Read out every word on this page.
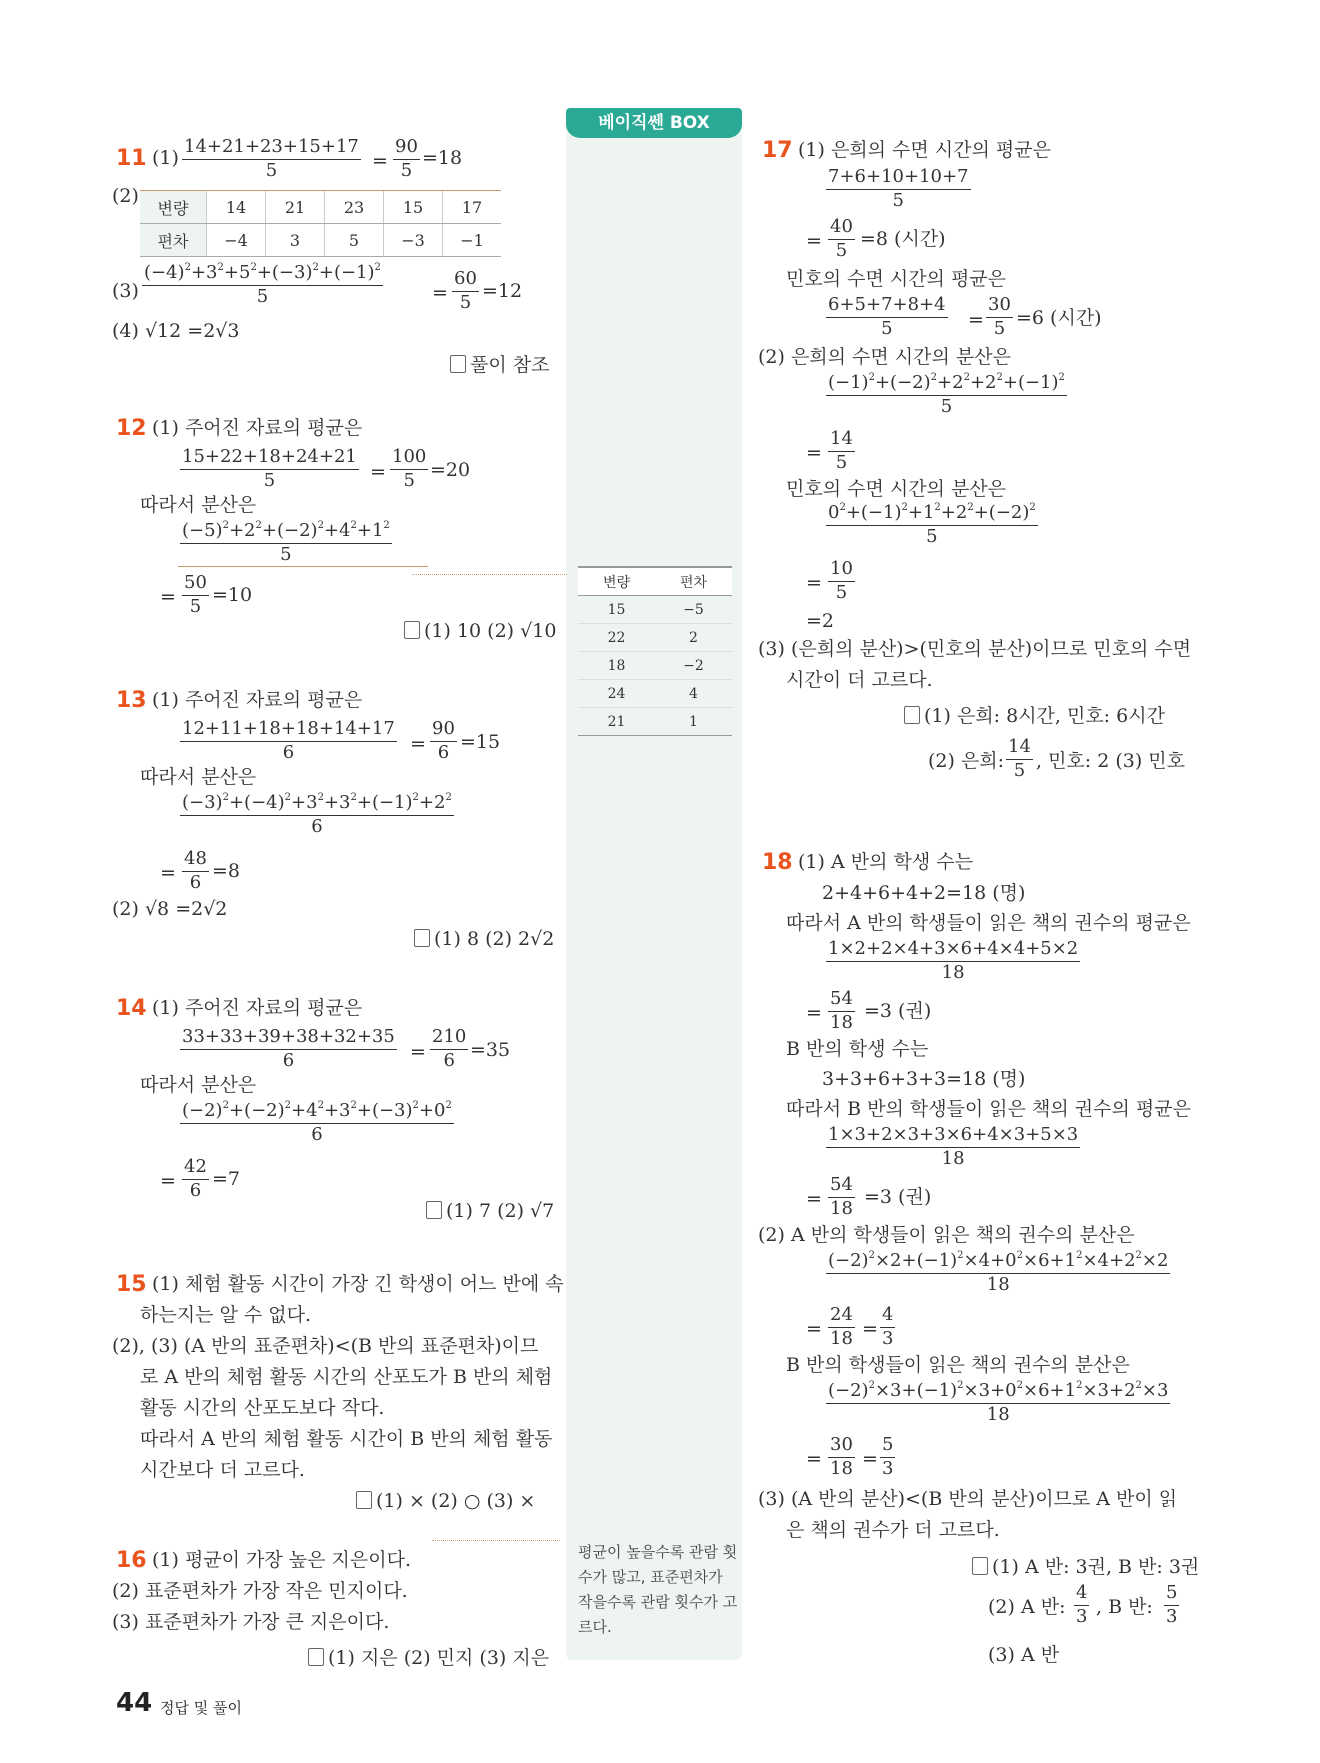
베이직쎈 BOX
변량	편차
15	−5
22	2
18	−2
24	4
21	1
평균이 높을수록 관람 횟수가 많고, 표준편차가 작을수록 관람 횟수가 고르다.
11 (1)
14+21+23+15+17
5	=
90
5
=18
(2)
변량	14	21	23	15	17
편차	−4	3	5	−3	−1
(3)
$(-4)^2+3^2+5^2+(-3)^2+(-1)^2$
5	=
60
5
=12
(4) √12 =2√3
풀이 참조
12 (1) 주어진 자료의 평균은
15+22+18+24+21
5	=
100
5 =20
따라서 분산은
$(-5)^2+2^2+(-2)^2+4^2+1^2$
5
=
50
5
=10
(1) 10 (2) √10
13 (1) 주어진 자료의 평균은
12+11+18+18+14+17
6	=
90
6 =15
따라서 분산은
$(-3)^2+(-4)^2+3^2+3^2+(-1)^2+2^2$
6
=
48
6
=8
(2) √8 =2√2
(1) 8 (2) 2√2
14 (1) 주어진 자료의 평균은
33+33+39+38+32+35
6	=
210
6 =35
따라서 분산은
$(-2)^2+(-2)^2+4^2+3^2+(-3)^2+0^2$
6
=
42
6
=7
(1) 7 (2) √7
15 (1) 체험 활동 시간이 가장 긴 학생이 어느 반에 속
하는지는 알 수 없다.
(2), (3) (A 반의 표준편차)<(B 반의 표준편차)이므
로 A 반의 체험 활동 시간의 산포도가 B 반의 체험
활동 시간의 산포도보다 작다.
따라서 A 반의 체험 활동 시간이 B 반의 체험 활동
시간보다 더 고르다.
(1) × (2) ○ (3) ×
16 (1) 평균이 가장 높은 지은이다.
(2) 표준편차가 가장 작은 민지이다.
(3) 표준편차가 가장 큰 지은이다.
(1) 지은 (2) 민지 (3) 지은
17 (1) 은희의 수면 시간의 평균은
7+6+10+10+7
5
=
40
5
=8 (시간)
민호의 수면 시간의 평균은
6+5+7+8+4
5	=
30
5 =6 (시간)
(2) 은희의 수면 시간의 분산은
$(-1)^2+(-2)^2+2^2+2^2+(-1)^2$
5
=
14
5
민호의 수면 시간의 분산은
$0^2+(-1)^2+1^2+2^2+(-2)^2$
5
=
10
5
=2
(3) (은희의 분산)>(민호의 분산)이므로 민호의 수면
시간이 더 고르다.
(1) 은희: 8시간, 민호: 6시간
(2) 은희:
14
5 , 민호: 2 (3) 민호
18 (1) A 반의 학생 수는
2+4+6+4+2=18 (명)
따라서 A 반의 학생들이 읽은 책의 권수의 평균은
1×2+2×4+3×6+4×4+5×2
18
=
54
18
=3 (권)
B 반의 학생 수는
3+3+6+3+3=18 (명)
따라서 B 반의 학생들이 읽은 책의 권수의 평균은
1×3+2×3+3×6+4×3+5×3
18
=
54
18
=3 (권)
(2) A 반의 학생들이 읽은 책의 권수의 분산은
$(-2)^2\times 2+(-1)^2\times 4+0^2\times 6+1^2\times 4+2^2\times 2$
18
=
24
18 =
4
3
B 반의 학생들이 읽은 책의 권수의 분산은
$(-2)^2\times 3+(-1)^2\times 3+0^2\times 6+1^2\times 3+2^2\times 3$
18
=
30
18 =
5
3
(3) (A 반의 분산)<(B 반의 분산)이므로 A 반이 읽
은 책의 권수가 더 고르다.
(1) A 반: 3권, B 반: 3권
(2) A 반:
4
3 , B 반:
5
3
(3) A 반
44 정답 및 풀이
